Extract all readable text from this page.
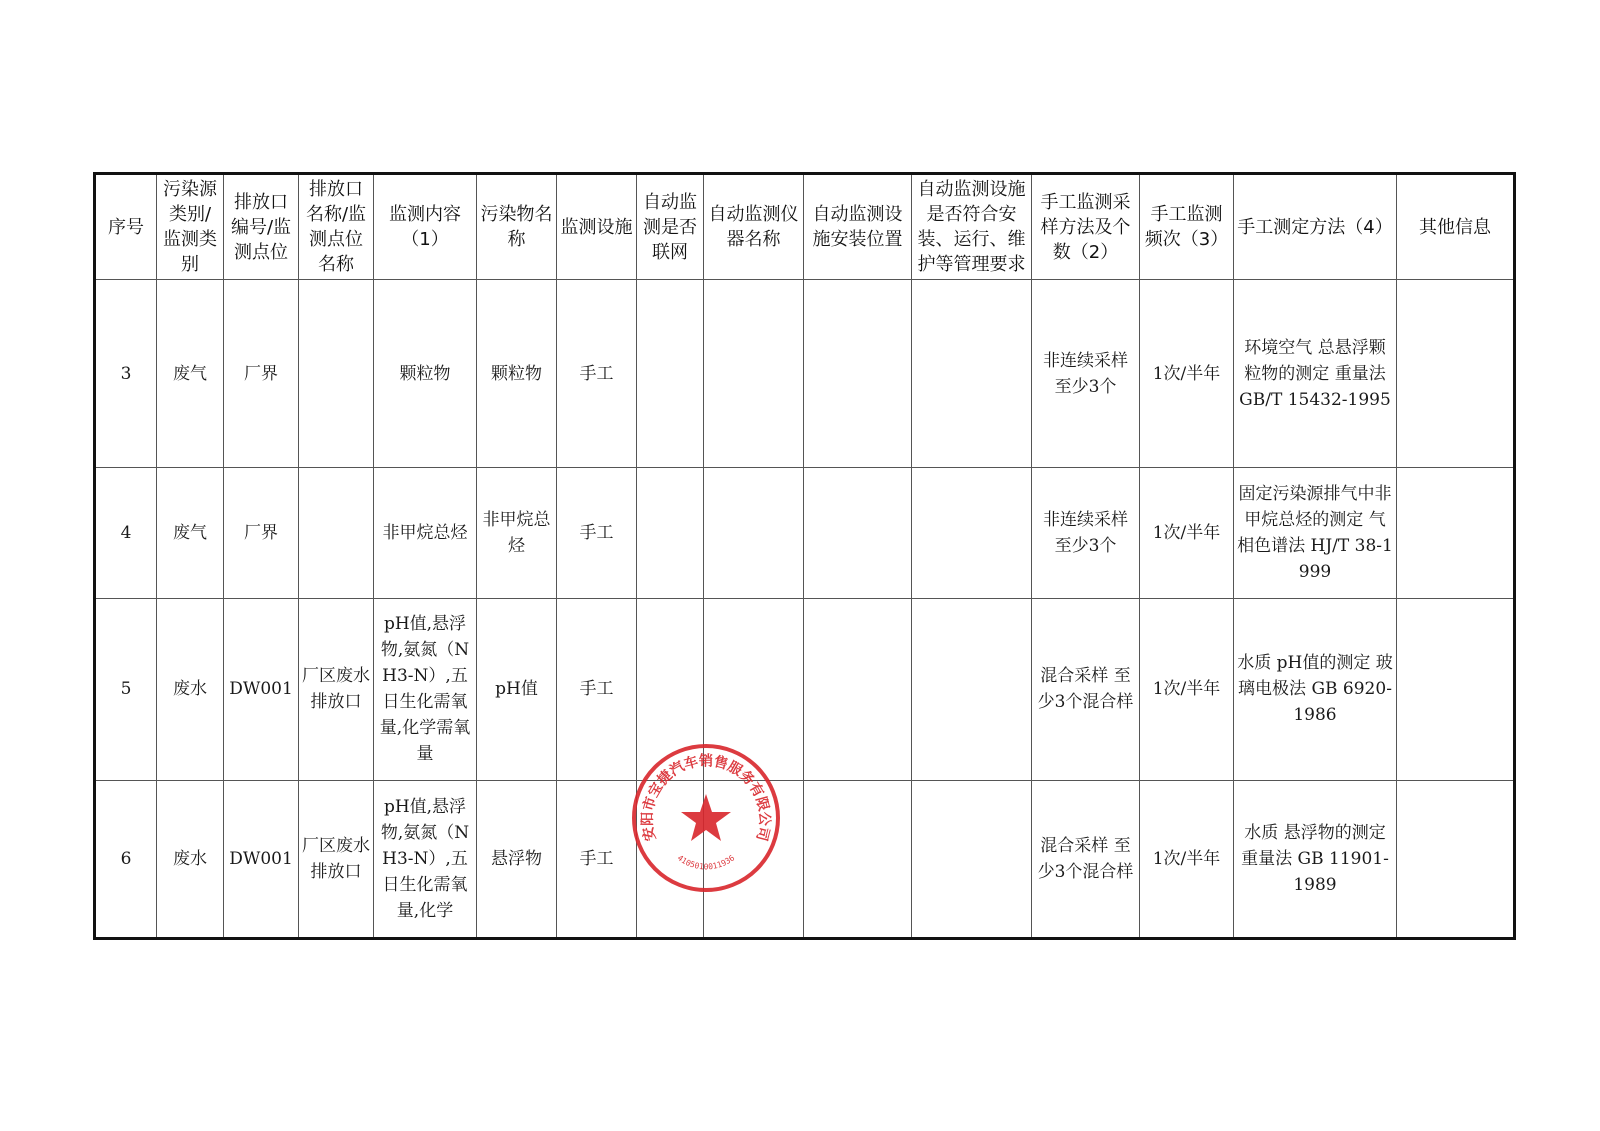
序号	污染源类别/监测类别	排放口编号/监测点位	排放口名称/监测点位名称	监测内容（1）	污染物名称	监测设施	自动监测是否联网	自动监测仪器名称	自动监测设施安装位置	自动监测设施是否符合安装、运行、维护等管理要求	手工监测采样方法及个数（2）	手工监测频次（3）	手工测定方法（4）	其他信息
3	废气	厂界		颗粒物	颗粒物	手工					非连续采样 至少3个	1次/半年	环境空气 总悬浮颗粒物的测定 重量法 GB/T 15432-1995	
4	废气	厂界		非甲烷总烃	非甲烷总烃	手工					非连续采样 至少3个	1次/半年	固定污染源排气中非甲烷总烃的测定 气相色谱法 HJ/T 38-1999	
5	废水	DW001	厂区废水排放口	pH值,悬浮物,氨氮（NH3-N）,五日生化需氧量,化学需氧量	pH值	手工					混合采样 至少3个混合样	1次/半年	水质 pH值的测定 玻璃电极法 GB 6920-1986	
6	废水	DW001	厂区废水排放口	pH值,悬浮物,氨氮（NH3-N）,五日生化需氧量,化学	悬浮物	手工					混合采样 至少3个混合样	1次/半年	水质 悬浮物的测定 重量法 GB 11901-1989	
安阳市宝捷汽车销售服务有限公司
4105010011936
